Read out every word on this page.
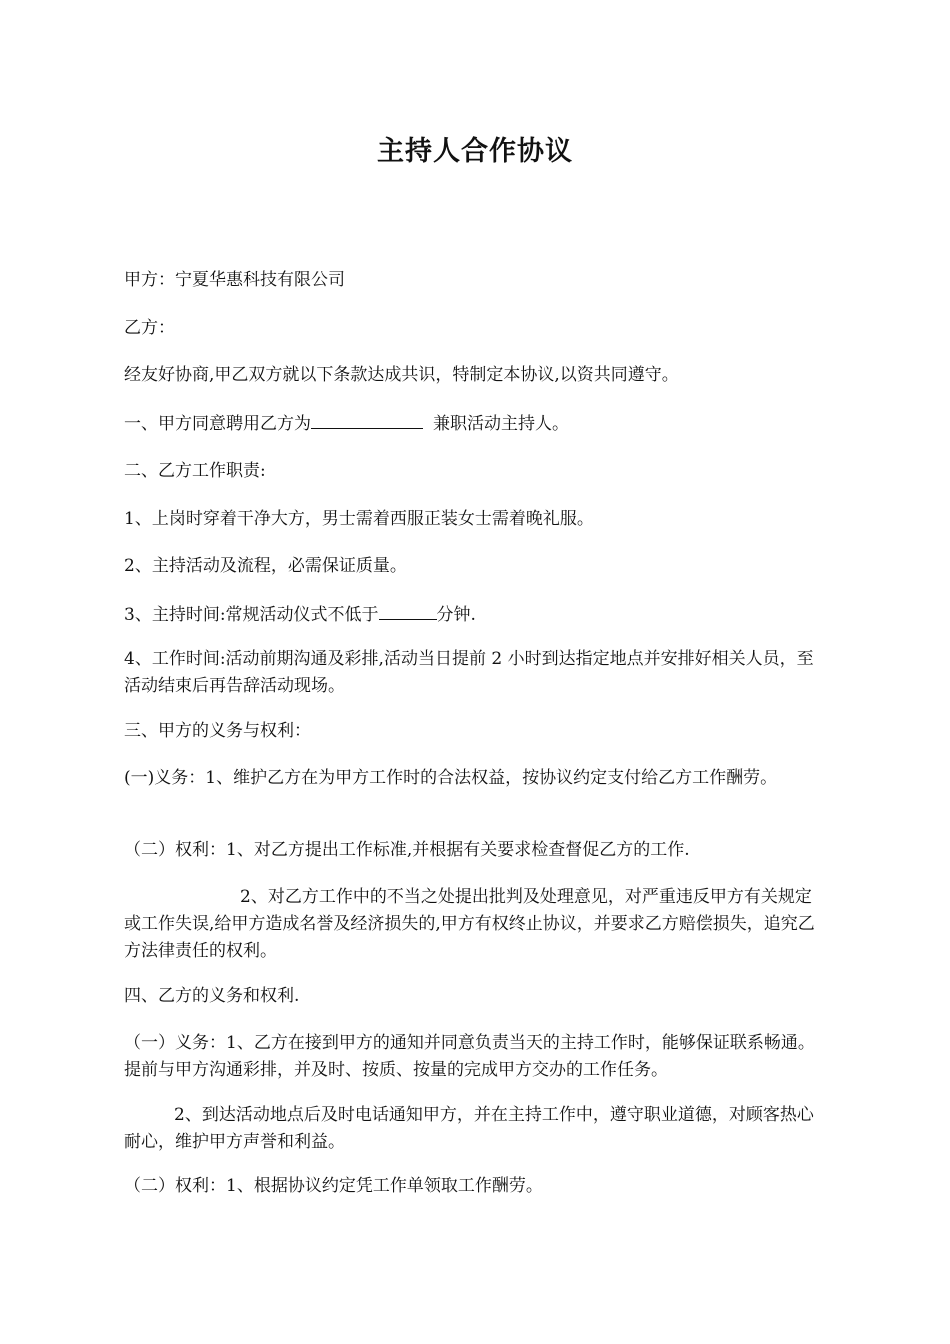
主持人合作协议

甲方：宁夏华惠科技有限公司

乙方：

经友好协商,甲乙双方就以下条款达成共识，特制定本协议,以资共同遵守。

一、甲方同意聘用乙方为	兼职活动主持人。

二、乙方工作职责:

1、上岗时穿着干净大方，男士需着西服正装女士需着晚礼服。

2、主持活动及流程，必需保证质量。

3、主持时间:常规活动仪式不低于	分钟.

4、工作时间:活动前期沟通及彩排,活动当日提前 2 小时到达指定地点并安排好相关人员，至活动结束后再告辞活动现场。

三、甲方的义务与权利：

(一)义务：1、维护乙方在为甲方工作时的合法权益，按协议约定支付给乙方工作酬劳。

（二）权利：1、对乙方提出工作标准,并根据有关要求检查督促乙方的工作.

2、对乙方工作中的不当之处提出批判及处理意见，对严重违反甲方有关规定或工作失误,给甲方造成名誉及经济损失的,甲方有权终止协议，并要求乙方赔偿损失，追究乙方法律责任的权利。

四、乙方的义务和权利.

（一）义务：1、乙方在接到甲方的通知并同意负责当天的主持工作时，能够保证联系畅通。提前与甲方沟通彩排，并及时、按质、按量的完成甲方交办的工作任务。

2、到达活动地点后及时电话通知甲方，并在主持工作中，遵守职业道德，对顾客热心耐心，维护甲方声誉和利益。

（二）权利：1、根据协议约定凭工作单领取工作酬劳。
